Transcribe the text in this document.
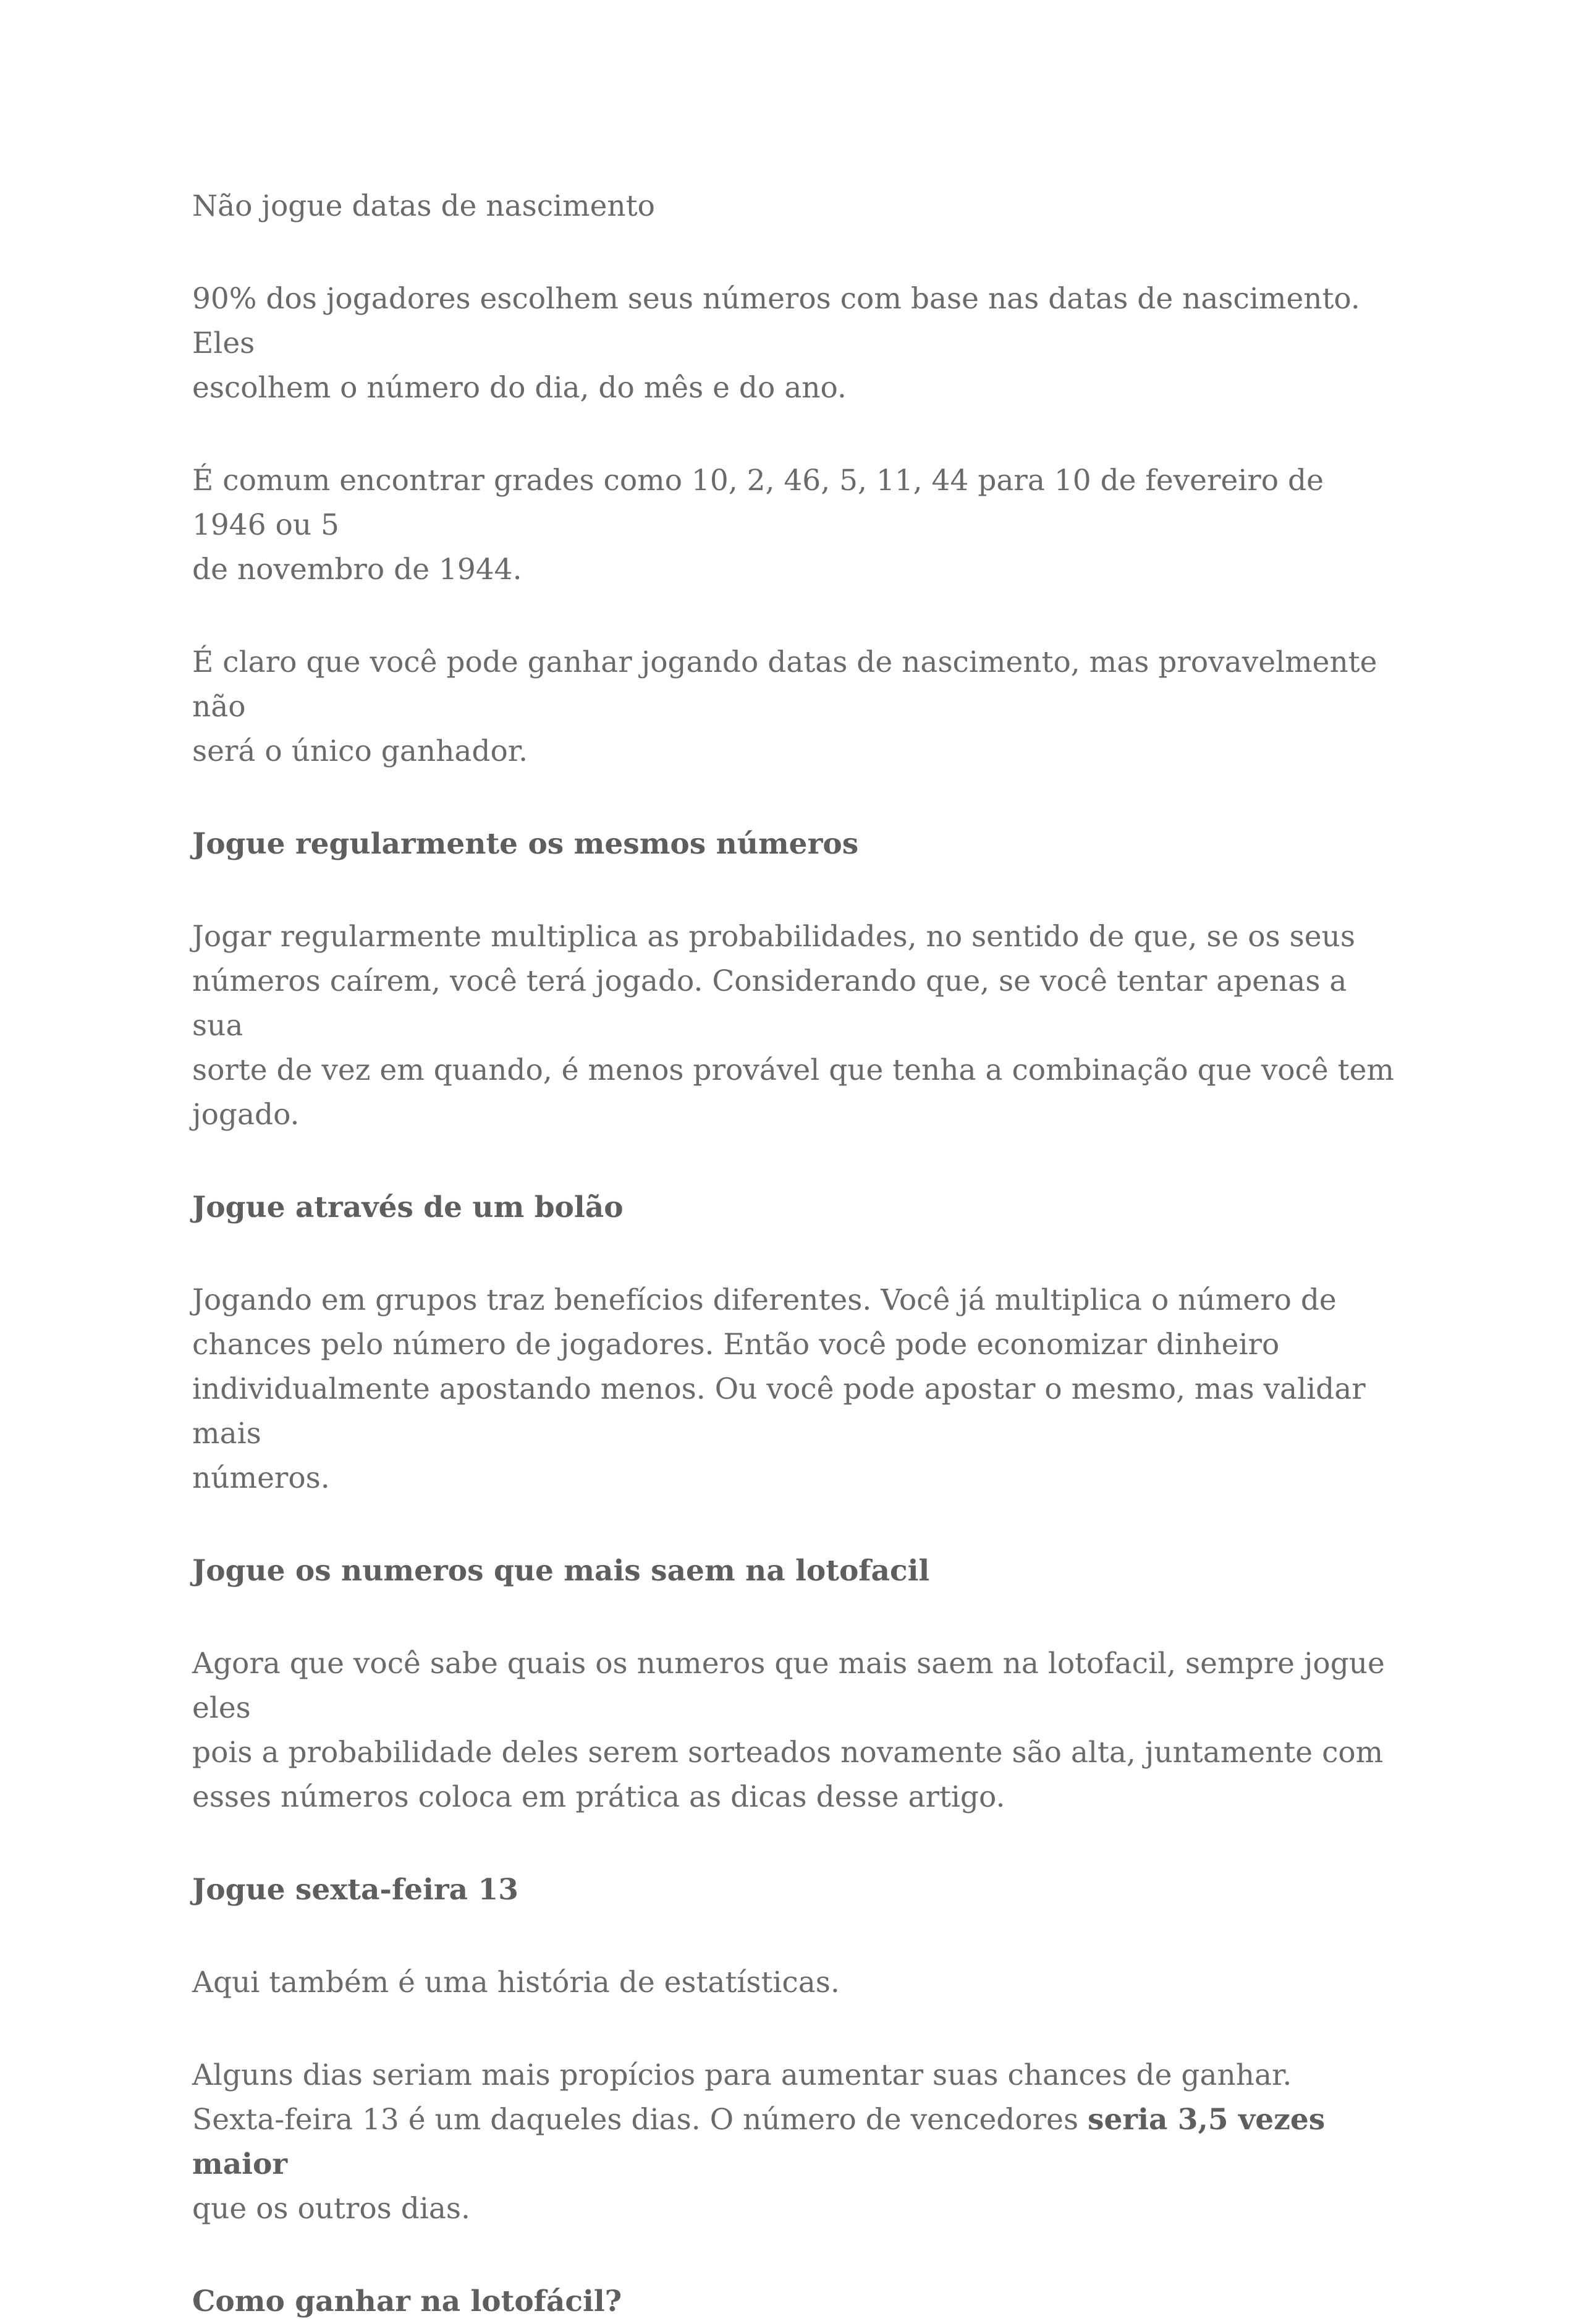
Não jogue datas de nascimento

90% dos jogadores escolhem seus números com base nas datas de nascimento. Eles
escolhem o número do dia, do mês e do ano.

É comum encontrar grades como 10, 2, 46, 5, 11, 44 para 10 de fevereiro de 1946 ou 5
de novembro de 1944.

É claro que você pode ganhar jogando datas de nascimento, mas provavelmente não
será o único ganhador.

Jogue regularmente os mesmos números

Jogar regularmente multiplica as probabilidades, no sentido de que, se os seus
números caírem, você terá jogado. Considerando que, se você tentar apenas a sua
sorte de vez em quando, é menos provável que tenha a combinação que você tem
jogado.

Jogue através de um bolão

Jogando em grupos traz benefícios diferentes. Você já multiplica o número de
chances pelo número de jogadores. Então você pode economizar dinheiro
individualmente apostando menos. Ou você pode apostar o mesmo, mas validar mais
números.

Jogue os numeros que mais saem na lotofacil

Agora que você sabe quais os numeros que mais saem na lotofacil, sempre jogue eles
pois a probabilidade deles serem sorteados novamente são alta, juntamente com
esses números coloca em prática as dicas desse artigo.

Jogue sexta-feira 13

Aqui também é uma história de estatísticas.

Alguns dias seriam mais propícios para aumentar suas chances de ganhar.
Sexta-feira 13 é um daqueles dias. O número de vencedores seria 3,5 vezes maior
que os outros dias.

Como ganhar na lotofácil?
